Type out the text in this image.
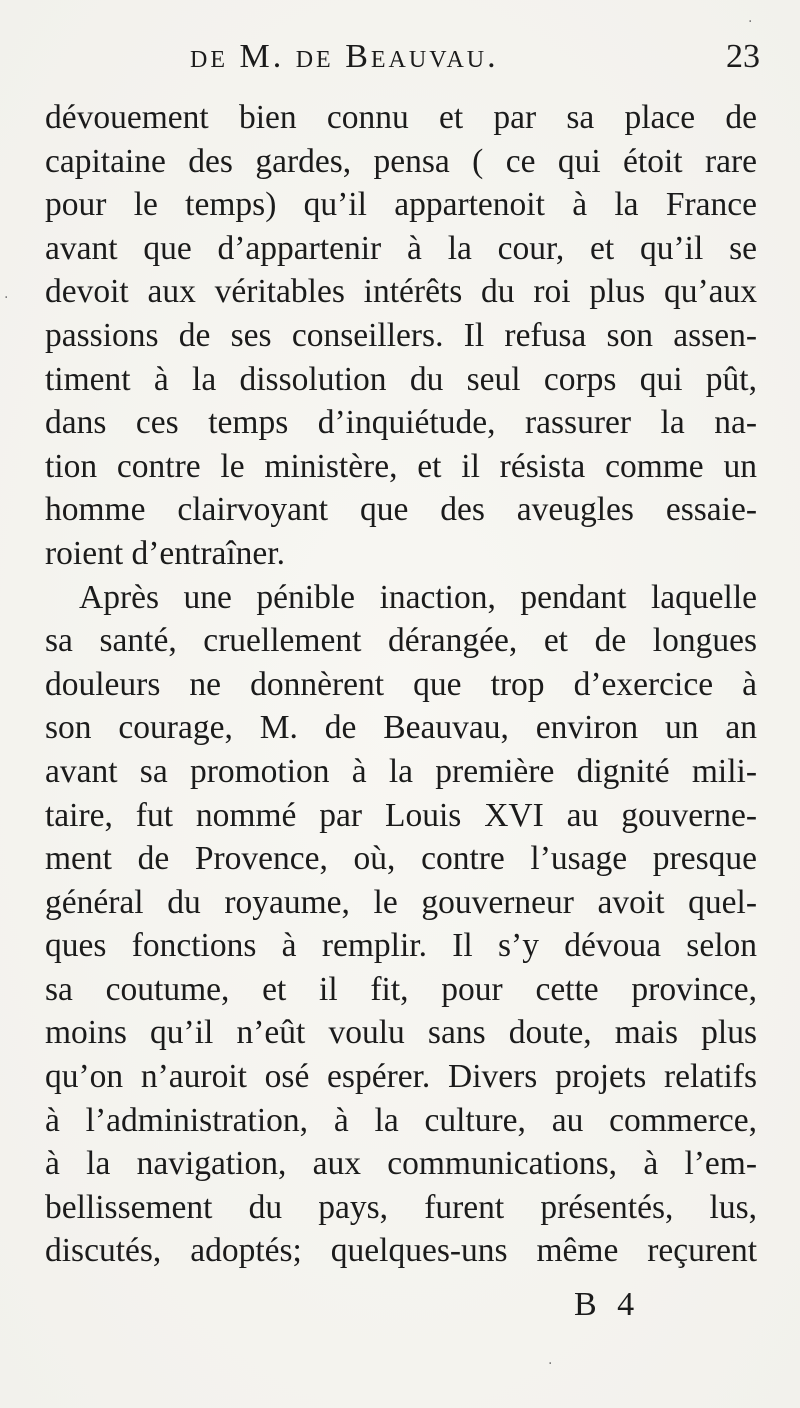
de M. de Beauvau.	23
dévouement bien connu et par sa place de
capitaine des gardes, pensa ( ce qui étoit rare
pour le temps) qu’il appartenoit à la France
avant que d’appartenir à la cour, et qu’il se
devoit aux véritables intérêts du roi plus qu’aux
passions de ses conseillers. Il refusa son assen-
timent à la dissolution du seul corps qui pût,
dans ces temps d’inquiétude, rassurer la na-
tion contre le ministère, et il résista comme un
homme clairvoyant que des aveugles essaie-
roient d’entraîner.
Après une pénible inaction, pendant laquelle
sa santé, cruellement dérangée, et de longues
douleurs ne donnèrent que trop d’exercice à
son courage, M. de Beauvau, environ un an
avant sa promotion à la première dignité mili-
taire, fut nommé par Louis XVI au gouverne-
ment de Provence, où, contre l’usage presque
général du royaume, le gouverneur avoit quel-
ques fonctions à remplir. Il s’y dévoua selon
sa coutume, et il fit, pour cette province,
moins qu’il n’eût voulu sans doute, mais plus
qu’on n’auroit osé espérer. Divers projets relatifs
à l’administration, à la culture, au commerce,
à la navigation, aux communications, à l’em-
bellissement du pays, furent présentés, lus,
discutés, adoptés; quelques-uns même reçurent
B 4
·
·
·
